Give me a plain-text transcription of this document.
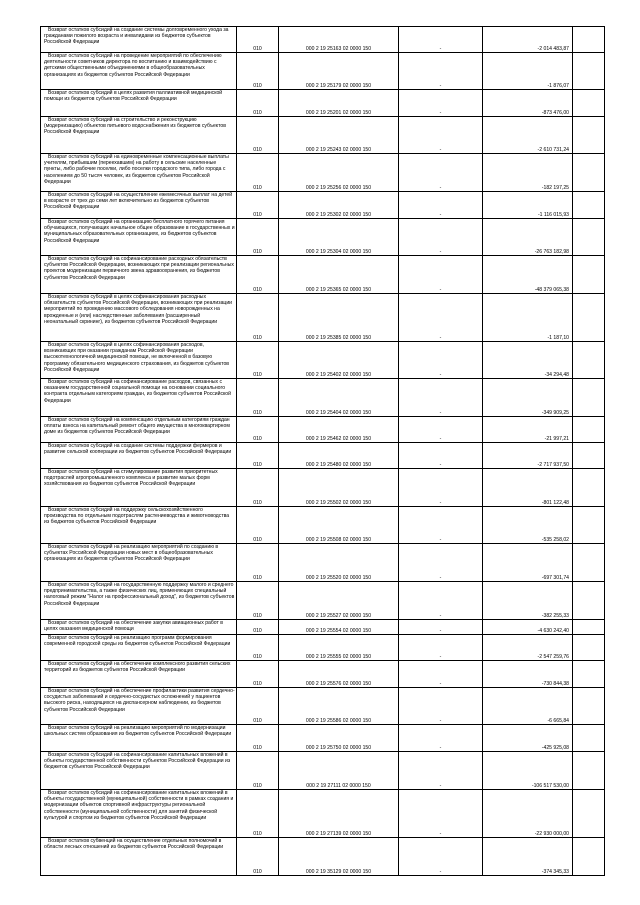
Возврат остатков субсидий на создание системы долговременного ухода за гражданами пожилого возраста и инвалидами из бюджетов субъектов Российской Федерации	010	000 2 19 25163 02 0000 150	-	-2 014 483,87	
Возврат остатков субсидий на проведение мероприятий по обеспечению деятельности советников директора по воспитанию и взаимодействию с детскими общественными объединениями в общеобразовательных организациях из бюджетов субъектов Российской Федерации	010	000 2 19 25179 02 0000 150	-	-1 876,07	
Возврат остатков субсидий в целях развития паллиативной медицинской помощи из бюджетов субъектов Российской Федерации	010	000 2 19 25201 02 0000 150	-	-873 476,00	
Возврат остатков субсидий на строительство и реконструкцию (модернизацию) объектов питьевого водоснабжения из бюджетов субъектов Российской Федерации	010	000 2 19 25243 02 0000 150	-	-2 610 731,24	
Возврат остатков субсидий на единовременные компенсационные выплаты учителям, прибывшим (переехавшим) на работу в сельские населенные пункты, либо рабочие поселки, либо поселки городского типа, либо города с населением до 50 тысяч человек, из бюджетов субъектов Российской Федерации	010	000 2 19 25256 02 0000 150	-	-182 197,25	
Возврат остатков субсидий на осуществление ежемесячных выплат на детей в возрасте от трех до семи лет включительно из бюджетов субъектов Российской Федерации	010	000 2 19 25302 02 0000 150	-	-1 116 015,93	
Возврат остатков субсидий на организацию бесплатного горячего питания обучающихся, получающих начальное общее образование в государственных и муниципальных образовательных организациях, из бюджетов субъектов Российской Федерации	010	000 2 19 25304 02 0000 150	-	-26 763 182,98	
Возврат остатков субсидий на софинансирование расходных обязательств субъектов Российской Федерации, возникающих при реализации региональных проектов модернизации первичного звена здравоохранения, из бюджетов субъектов Российской Федерации	010	000 2 19 25365 02 0000 150	-	-48 379 065,38	
Возврат остатков субсидий в целях софинансирования расходных обязательств субъектов Российской Федерации, возникающих при реализации мероприятий по проведению массового обследования новорожденных на врожденные и (или) наследственные заболевания (расширенный неонатальный скрининг), из бюджетов субъектов Российской Федерации	010	000 2 19 25385 02 0000 150	-	-1 187,10	
Возврат остатков субсидий в целях софинансирования расходов, возникающих при оказании гражданам Российской Федерации высокотехнологичной медицинской помощи, не включенной в базовую программу обязательного медицинского страхования, из бюджетов субъектов Российской Федерации	010	000 2 19 25402 02 0000 150	-	-34 294,48	
Возврат остатков субсидий на софинансирование расходов, связанных с оказанием государственной социальной помощи на основании социального контракта отдельным категориям граждан, из бюджетов субъектов Российской Федерации	010	000 2 19 25404 02 0000 150	-	-349 909,25	
Возврат остатков субсидий на компенсацию отдельным категориям граждан оплаты взноса на капитальный ремонт общего имущества в многоквартирном доме из бюджетов субъектов Российской Федерации	010	000 2 19 25462 02 0000 150	-	-21 997,21	
Возврат остатков субсидий на создание системы поддержки фермеров и развитие сельской кооперации из бюджетов субъектов Российской Федерации	010	000 2 19 25480 02 0000 150	-	-2 717 937,50	
Возврат остатков субсидий на стимулирование развития приоритетных подотраслей агропромышленного комплекса и развитие малых форм хозяйствования из бюджетов субъектов Российской Федерации	010	000 2 19 25502 02 0000 150	-	-801 122,48	
Возврат остатков субсидий на поддержку сельскохозяйственного производства по отдельным подотраслям растениеводства и животноводства из бюджетов субъектов Российской Федерации	010	000 2 19 25508 02 0000 150	-	-535 258,02	
Возврат остатков субсидий на реализацию мероприятий по созданию в субъектах Российской Федерации новых мест в общеобразовательных организациях из бюджетов субъектов Российской Федерации	010	000 2 19 25520 02 0000 150	-	-697 301,74	
Возврат остатков субсидий на государственную поддержку малого и среднего предпринимательства, а также физических лиц, применяющих специальный налоговый режим "Налог на профессиональный доход", из бюджетов субъектов Российской Федерации	010	000 2 19 25527 02 0000 150	-	-382 255,33	
Возврат остатков субсидий на обеспечение закупки авиационных работ в целях оказания медицинской помощи	010	000 2 19 25554 02 0000 150	-	-4 630 242,40	
Возврат остатков субсидий на реализацию программ формирования современной городской среды из бюджетов субъектов Российской Федерации	010	000 2 19 25555 02 0000 150	-	-2 547 259,76	
Возврат остатков субсидий на обеспечение комплексного развития сельских территорий из бюджетов субъектов Российской Федерации	010	000 2 19 25576 02 0000 150	-	-730 844,38	
Возврат остатков субсидий на обеспечение профилактики развития сердечно-сосудистых заболеваний и сердечно-сосудистых осложнений у пациентов высокого риска, находящихся на диспансерном наблюдении, из бюджетов субъектов Российской Федерации	010	000 2 19 25586 02 0000 150	-	-6 665,84	
Возврат остатков субсидий на реализацию мероприятий по модернизации школьных систем образования из бюджетов субъектов Российской Федерации	010	000 2 19 25750 02 0000 150	-	-425 925,08	
Возврат остатков субсидий на софинансирование капитальных вложений в объекты государственной собственности субъектов Российской Федерации из бюджетов субъектов Российской Федерации	010	000 2 19 27111 02 0000 150	-	-106 517 530,00	
Возврат остатков субсидий на софинансирование капитальных вложений в объекты государственной (муниципальной) собственности в рамках создания и модернизации объектов спортивной инфраструктуры региональной собственности (муниципальной собственности) для занятий физической культурой и спортом из бюджетов субъектов Российской Федерации	010	000 2 19 27139 02 0000 150	-	-22 930 000,00	
Возврат остатков субвенций на осуществление отдельных полномочий в области лесных отношений из бюджетов субъектов Российской Федерации	010	000 2 19 35129 02 0000 150	-	-374 345,33	
